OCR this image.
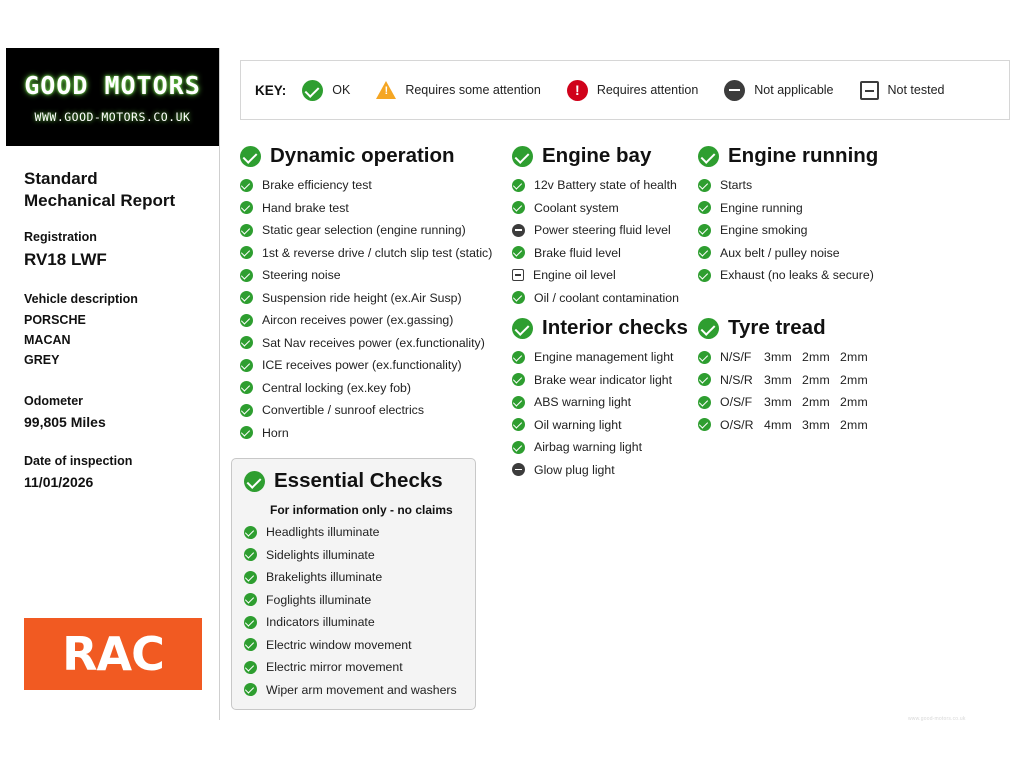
GOOD MOTORS
WWW.GOOD-MOTORS.CO.UK
Standard
Mechanical Report
Registration
RV18 LWF
Vehicle description
PORSCHE
MACAN
GREY
Odometer
99,805 Miles
Date of inspection
11/01/2026
RAC
KEY:	OK !	Requires some attention !	Requires attention	Not applicable	Not tested
Dynamic operation
Brake efficiency test
Hand brake test
Static gear selection (engine running)
1st & reverse drive / clutch slip test (static)
Steering noise
Suspension ride height (ex.Air Susp)
Aircon receives power (ex.gassing)
Sat Nav receives power (ex.functionality)
ICE receives power (ex.functionality)
Central locking (ex.key fob)
Convertible / sunroof electrics
Horn
Essential Checks
For information only - no claims
Headlights illuminate
Sidelights illuminate
Brakelights illuminate
Foglights illuminate
Indicators illuminate
Electric window movement
Electric mirror movement
Wiper arm movement and washers
Engine bay
12v Battery state of health
Coolant system
Power steering fluid level
Brake fluid level
Engine oil level
Oil / coolant contamination
Engine running
Starts
Engine running
Engine smoking
Aux belt / pulley noise
Exhaust (no leaks & secure)
Interior checks
Engine management light
Brake wear indicator light
ABS warning light
Oil warning light
Airbag warning light
Glow plug light
Tyre tread
N/S/F	3mm 2mm 2mm
N/S/R 3mm 2mm 2mm
O/S/F 3mm 2mm 2mm
O/S/R 4mm 3mm 2mm
www.good-motors.co.uk
